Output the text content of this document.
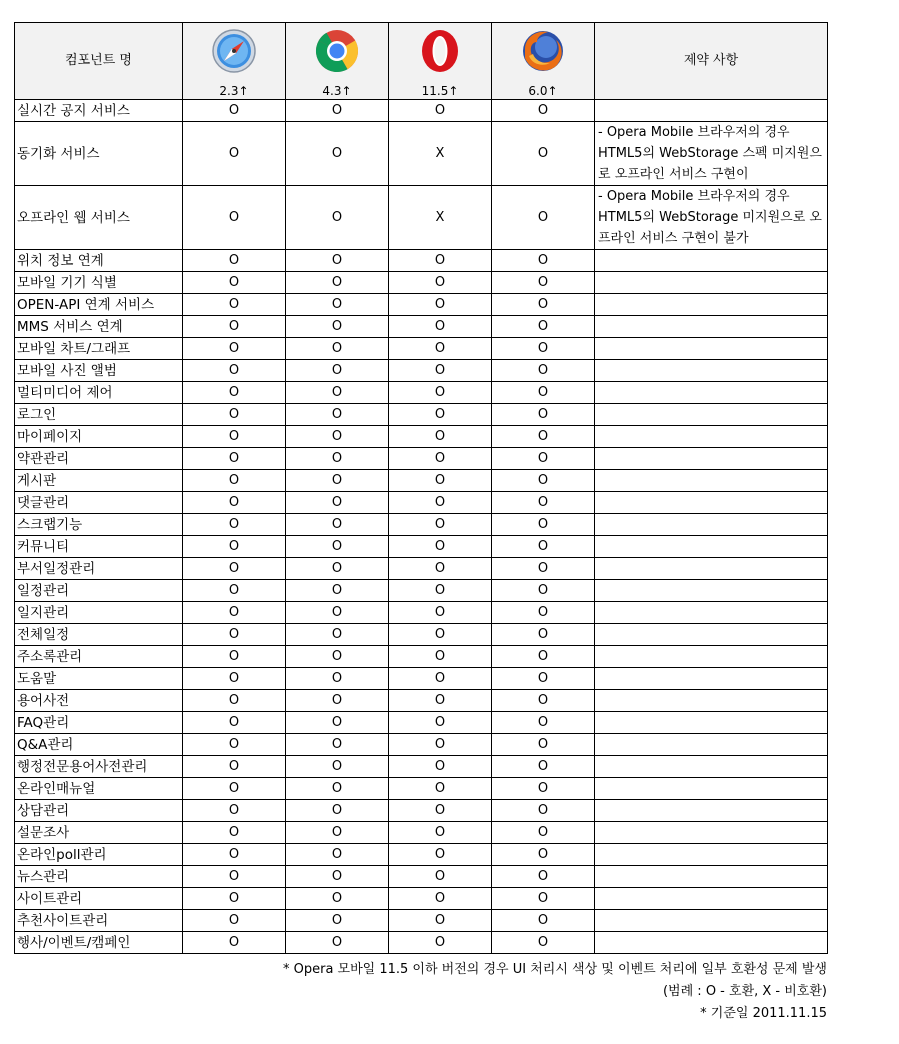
컴포넌트 명					제약 사항
	2.3↑	4.3↑	11.5↑	6.0↑	
실시간 공지 서비스	O	O	O	O	
동기화 서비스	O	O	X	O	- Opera Mobile 브라우저의 경우 HTML5의 WebStorage 스펙 미지원으로 오프라인 서비스 구현이
오프라인 웹 서비스	O	O	X	O	- Opera Mobile 브라우저의 경우 HTML5의 WebStorage 미지원으로 오프라인 서비스 구현이 불가
위치 정보 연계	O	O	O	O	
모바일 기기 식별	O	O	O	O	
OPEN-API 연계 서비스	O	O	O	O	
MMS 서비스 연계	O	O	O	O	
모바일 차트/그래프	O	O	O	O	
모바일 사진 앨범	O	O	O	O	
멀티미디어 제어	O	O	O	O	
로그인	O	O	O	O	
마이페이지	O	O	O	O	
약관관리	O	O	O	O	
게시판	O	O	O	O	
댓글관리	O	O	O	O	
스크랩기능	O	O	O	O	
커뮤니티	O	O	O	O	
부서일정관리	O	O	O	O	
일정관리	O	O	O	O	
일지관리	O	O	O	O	
전체일정	O	O	O	O	
주소록관리	O	O	O	O	
도움말	O	O	O	O	
용어사전	O	O	O	O	
FAQ관리	O	O	O	O	
Q&A관리	O	O	O	O	
행정전문용어사전관리	O	O	O	O	
온라인매뉴얼	O	O	O	O	
상담관리	O	O	O	O	
설문조사	O	O	O	O	
온라인poll관리	O	O	O	O	
뉴스관리	O	O	O	O	
사이트관리	O	O	O	O	
추천사이트관리	O	O	O	O	
행사/이벤트/캠페인	O	O	O	O	
* Opera 모바일 11.5 이하 버전의 경우 UI 처리시 색상 및 이벤트 처리에 일부 호환성 문제 발생
(범례 : O - 호환, X - 비호환)
* 기준일 2011.11.15
